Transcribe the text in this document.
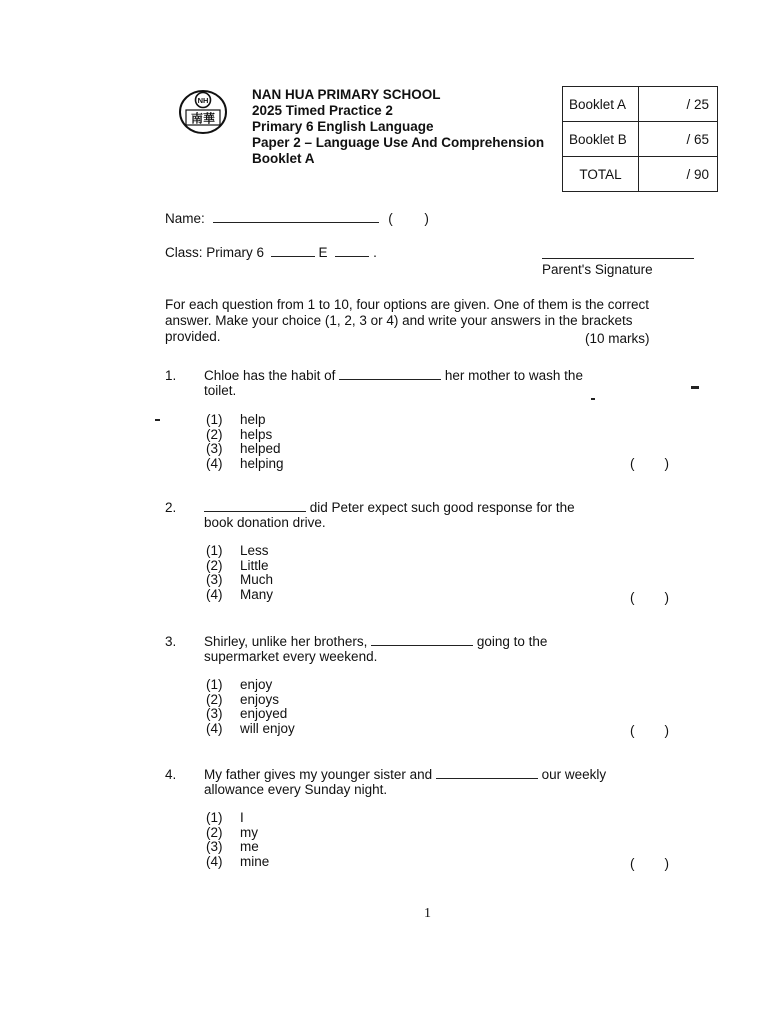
NH
南華
NAN HUA PRIMARY SCHOOL
2025 Timed Practice 2
Primary 6 English Language
Paper 2 – Language Use And Comprehension
Booklet A
Booklet A	/ 25
Booklet B	/ 65
TOTAL	/ 90
Name:	( )
Class: Primary 6	E	.
Parent's Signature
For each question from 1 to 10, four options are given. One of them is the correct answer. Make your choice (1, 2, 3 or 4) and write your answers in the brackets provided.	(10 marks)
1. Chloe has the habit of	her mother to wash the toilet.
(1) help
(2) helps
(3) helped
(4) helping	(        )
2.	did Peter expect such good response for the book donation drive.
(1) Less
(2) Little
(3) Much
(4) Many	(        )
3. Shirley, unlike her brothers,	going to the supermarket every weekend.
(1) enjoy
(2) enjoys
(3) enjoyed
(4) will enjoy	(        )
4. My father gives my younger sister and	our weekly allowance every Sunday night.
(1) I
(2) my
(3) me
(4) mine	(        )
1
